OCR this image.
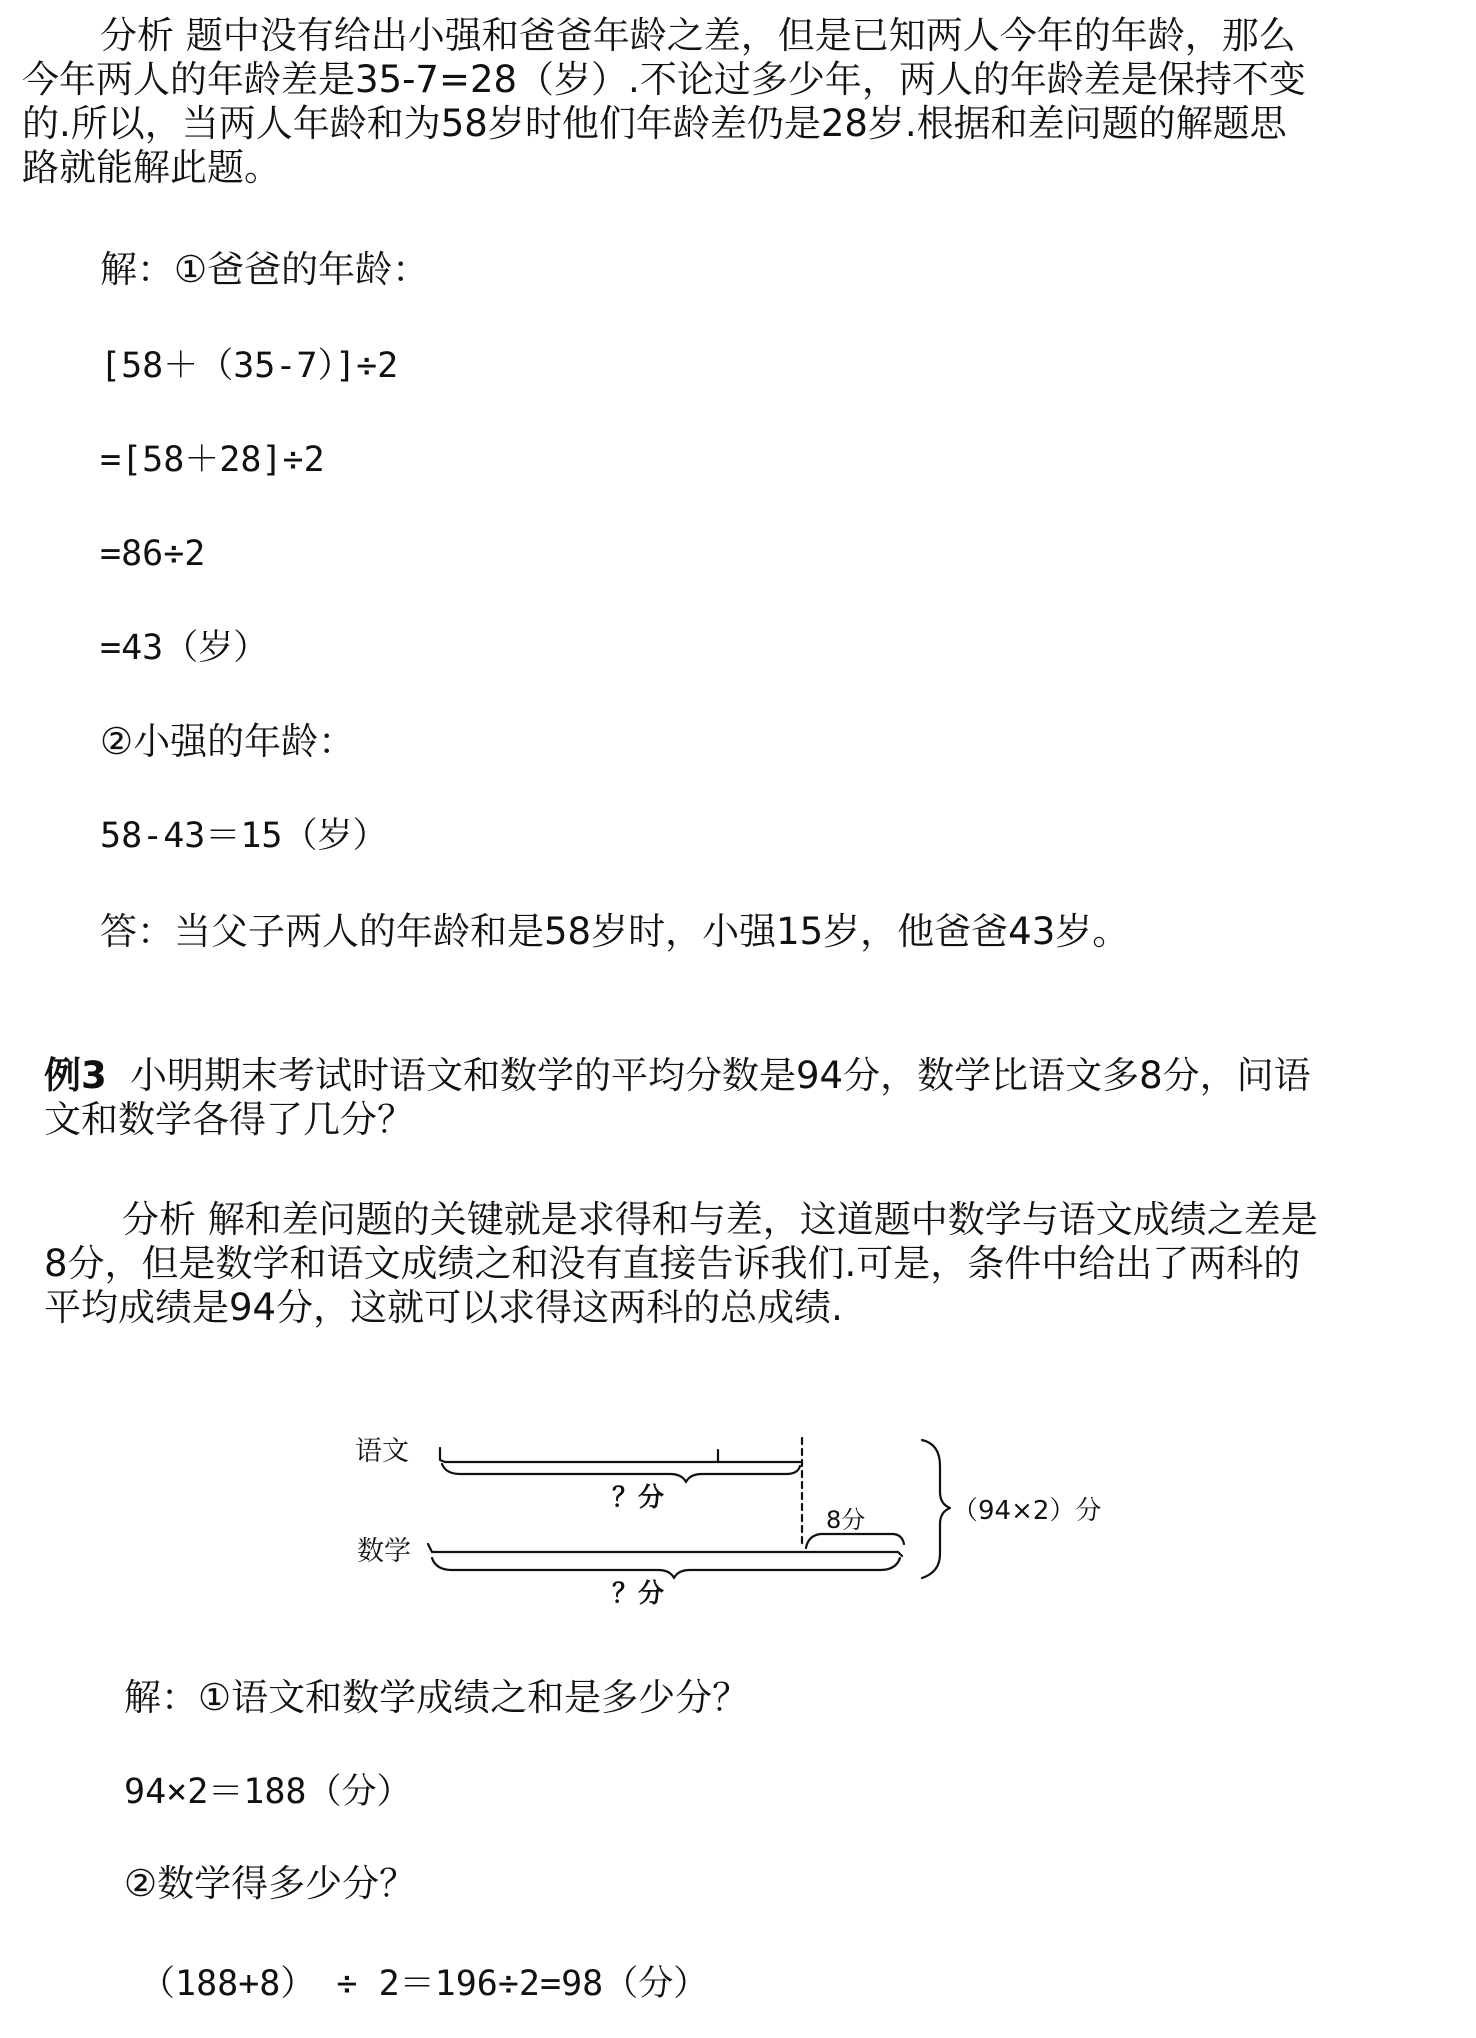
分析 题中没有给出小强和爸爸年龄之差，但是已知两人今年的年龄，那么
今年两人的年龄差是35-7=28（岁）.不论过多少年，两人的年龄差是保持不变
的.所以，当两人年龄和为58岁时他们年龄差仍是28岁.根据和差问题的解题思
路就能解此题。
解：①爸爸的年龄：
[58＋（35-7）]÷2
=[58＋28]÷2
=86÷2
=43（岁）
②小强的年龄：
58-43＝15（岁）
答：当父子两人的年龄和是58岁时，小强15岁，他爸爸43岁。
例3 小明期末考试时语文和数学的平均分数是94分，数学比语文多8分，问语
文和数学各得了几分？
分析 解和差问题的关键就是求得和与差，这道题中数学与语文成绩之差是
8分，但是数学和语文成绩之和没有直接告诉我们.可是，条件中给出了两科的
平均成绩是94分，这就可以求得这两科的总成绩.
语文
数学
？分
8分	（94×2）分
？分
解：①语文和数学成绩之和是多少分？
94×2＝188（分）
②数学得多少分？
（188+8） ÷ 2＝196÷2=98（分）
